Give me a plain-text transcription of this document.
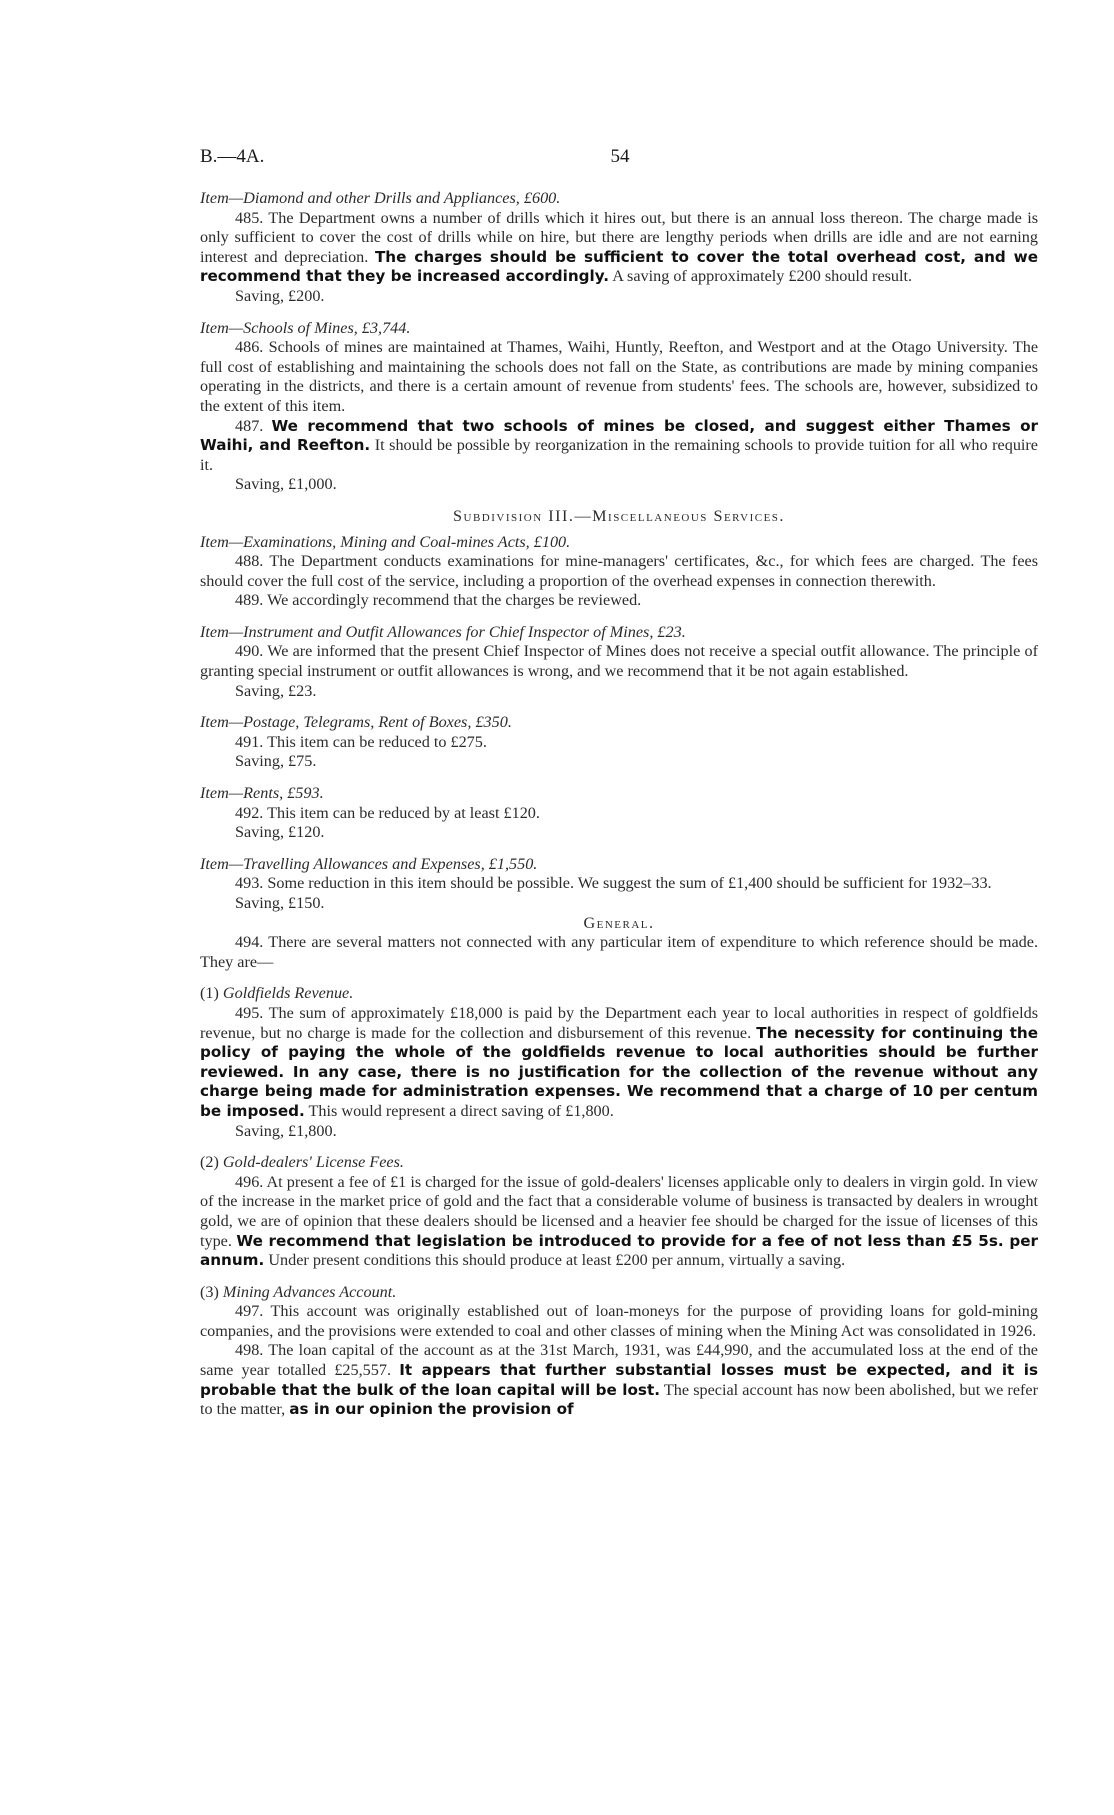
B.—4A.	54

Item—Diamond and other Drills and Appliances, £600.

485. The Department owns a number of drills which it hires out, but there is an annual loss thereon. The charge made is only sufficient to cover the cost of drills while on hire, but there are lengthy periods when drills are idle and are not earning interest and depreciation. The charges should be sufficient to cover the total overhead cost, and we recommend that they be increased accordingly. A saving of approximately £200 should result.

Saving, £200.

Item—Schools of Mines, £3,744.

486. Schools of mines are maintained at Thames, Waihi, Huntly, Reefton, and Westport and at the Otago University. The full cost of establishing and maintaining the schools does not fall on the State, as contributions are made by mining companies operating in the districts, and there is a certain amount of revenue from students' fees. The schools are, however, subsidized to the extent of this item.

487. We recommend that two schools of mines be closed, and suggest either Thames or Waihi, and Reefton. It should be possible by reorganization in the remaining schools to provide tuition for all who require it.

Saving, £1,000.

Subdivision III.—Miscellaneous Services.

Item—Examinations, Mining and Coal-mines Acts, £100.

488. The Department conducts examinations for mine-managers' certificates, &c., for which fees are charged. The fees should cover the full cost of the service, including a proportion of the overhead expenses in connection therewith.

489. We accordingly recommend that the charges be reviewed.

Item—Instrument and Outfit Allowances for Chief Inspector of Mines, £23.

490. We are informed that the present Chief Inspector of Mines does not receive a special outfit allowance. The principle of granting special instrument or outfit allowances is wrong, and we recommend that it be not again established.

Saving, £23.

Item—Postage, Telegrams, Rent of Boxes, £350.

491. This item can be reduced to £275.

Saving, £75.

Item—Rents, £593.

492. This item can be reduced by at least £120.

Saving, £120.

Item—Travelling Allowances and Expenses, £1,550.

493. Some reduction in this item should be possible. We suggest the sum of £1,400 should be sufficient for 1932–33.

Saving, £150.

General.

494. There are several matters not connected with any particular item of expenditure to which reference should be made. They are—

(1) Goldfields Revenue.

495. The sum of approximately £18,000 is paid by the Department each year to local authorities in respect of goldfields revenue, but no charge is made for the collection and disbursement of this revenue. The necessity for continuing the policy of paying the whole of the goldfields revenue to local authorities should be further reviewed. In any case, there is no justification for the collection of the revenue without any charge being made for administration expenses. We recommend that a charge of 10 per centum be imposed. This would represent a direct saving of £1,800.

Saving, £1,800.

(2) Gold-dealers' License Fees.

496. At present a fee of £1 is charged for the issue of gold-dealers' licenses applicable only to dealers in virgin gold. In view of the increase in the market price of gold and the fact that a considerable volume of business is transacted by dealers in wrought gold, we are of opinion that these dealers should be licensed and a heavier fee should be charged for the issue of licenses of this type. We recommend that legislation be introduced to provide for a fee of not less than £5 5s. per annum. Under present conditions this should produce at least £200 per annum, virtually a saving.

(3) Mining Advances Account.

497. This account was originally established out of loan-moneys for the purpose of providing loans for gold-mining companies, and the provisions were extended to coal and other classes of mining when the Mining Act was consolidated in 1926.

498. The loan capital of the account as at the 31st March, 1931, was £44,990, and the accumulated loss at the end of the same year totalled £25,557. It appears that further substantial losses must be expected, and it is probable that the bulk of the loan capital will be lost. The special account has now been abolished, but we refer to the matter, as in our opinion the provision of
